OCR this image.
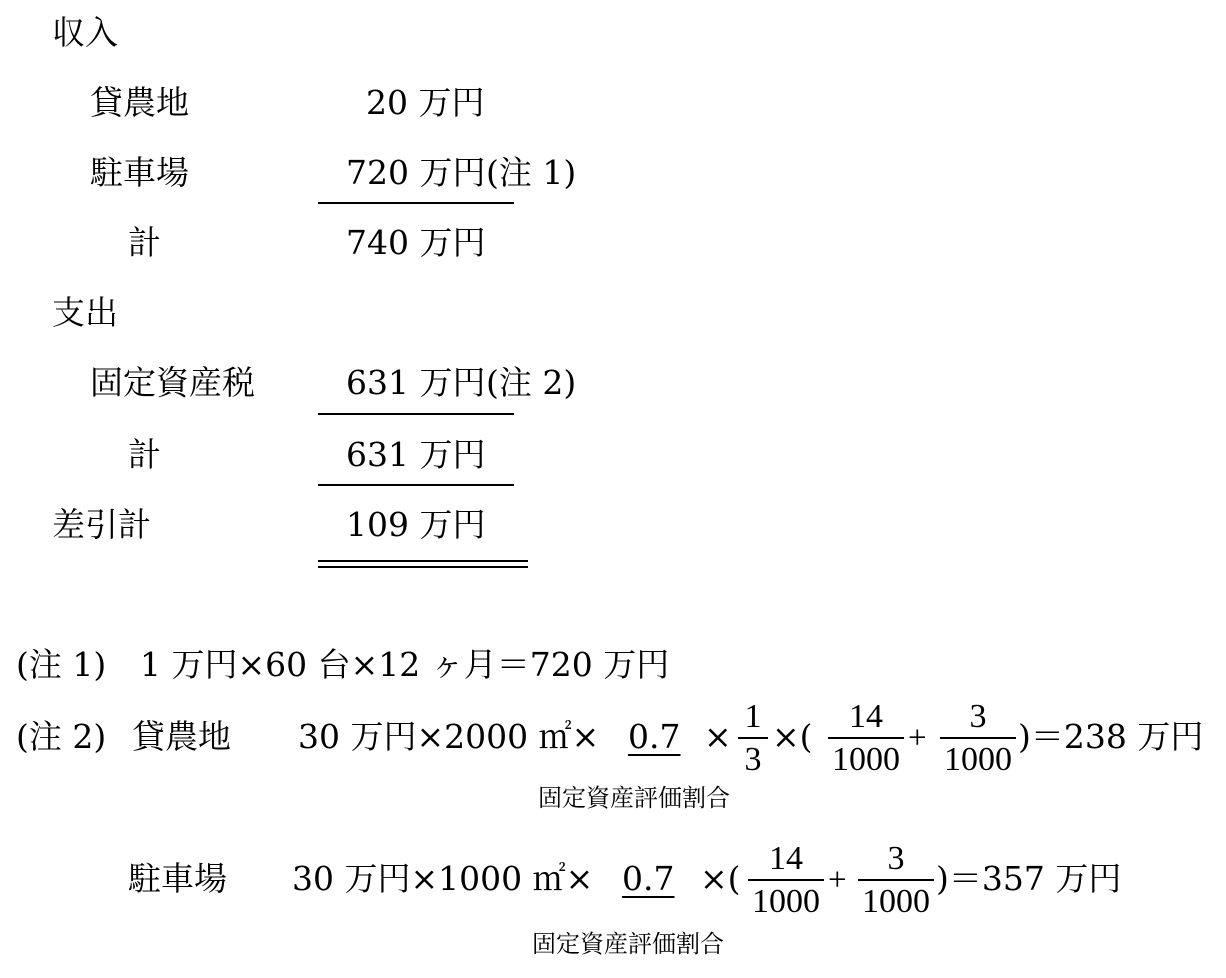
収入
貸農地	20 万円
駐車場	720 万円 (注 1)
計	740 万円
支出
固定資産税	631 万円 (注 2)
計	631 万円
差引計	109 万円
(注 1) 1 万円×60 台×12 ヶ月＝720 万円
(注 2) 貸農地 30 万円×2000 ㎡× 0.7
固定資産評価割合
×
1
3
×(
14
1000
+
3
1000
)＝238 万円
駐車場 30 万円×1000 ㎡× 0.7
固定資産評価割合
×(
14
1000
+
3
1000
)＝357 万円
